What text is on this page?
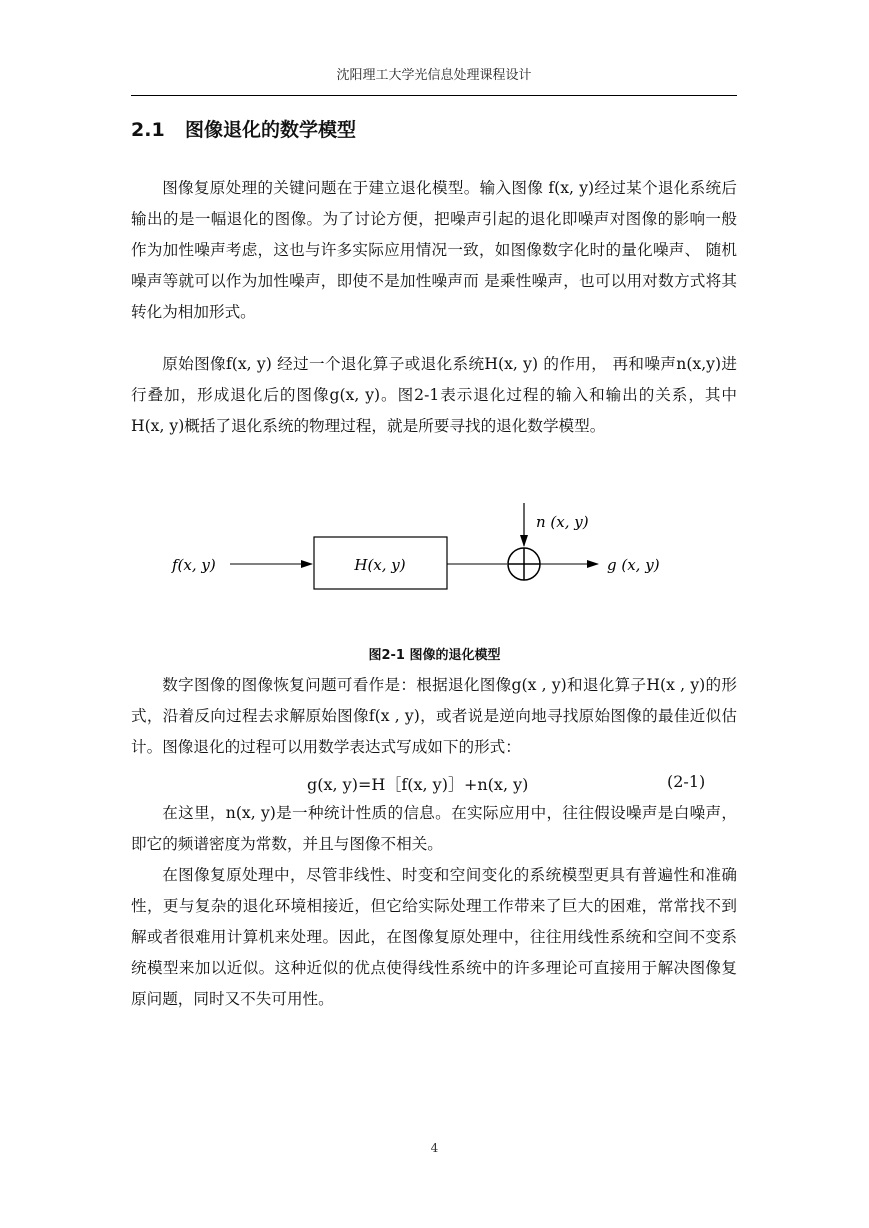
沈阳理工大学光信息处理课程设计
2.1 图像退化的数学模型

图像复原处理的关键问题在于建立退化模型。输入图像 f(x, y)经过某个退化系统后输出的是一幅退化的图像。为了讨论方便，把噪声引起的退化即噪声对图像的影响一般作为加性噪声考虑，这也与许多实际应用情况一致，如图像数字化时的量化噪声、 随机噪声等就可以作为加性噪声，即使不是加性噪声而 是乘性噪声，也可以用对数方式将其转化为相加形式。

原始图像f(x, y) 经过一个退化算子或退化系统H(x, y) 的作用， 再和噪声n(x,y)进行叠加，形成退化后的图像g(x, y)。图2-1表示退化过程的输入和输出的关系，其中H(x, y)概括了退化系统的物理过程，就是所要寻找的退化数学模型。

f(x, y)	H(x, y)
n (x, y)
g (x, y)
图2-1 图像的退化模型

数字图像的图像恢复问题可看作是：根据退化图像g(x , y)和退化算子H(x , y)的形式，沿着反向过程去求解原始图像f(x , y)，或者说是逆向地寻找原始图像的最佳近似估计。图像退化的过程可以用数学表达式写成如下的形式：

g(x, y)=H［f(x, y)］+n(x, y)	(2-1)

在这里，n(x, y)是一种统计性质的信息。在实际应用中，往往假设噪声是白噪声，即它的频谱密度为常数，并且与图像不相关。

在图像复原处理中，尽管非线性、时变和空间变化的系统模型更具有普遍性和准确性，更与复杂的退化环境相接近，但它给实际处理工作带来了巨大的困难，常常找不到解或者很难用计算机来处理。因此，在图像复原处理中，往往用线性系统和空间不变系统模型来加以近似。这种近似的优点使得线性系统中的许多理论可直接用于解决图像复原问题，同时又不失可用性。

4
